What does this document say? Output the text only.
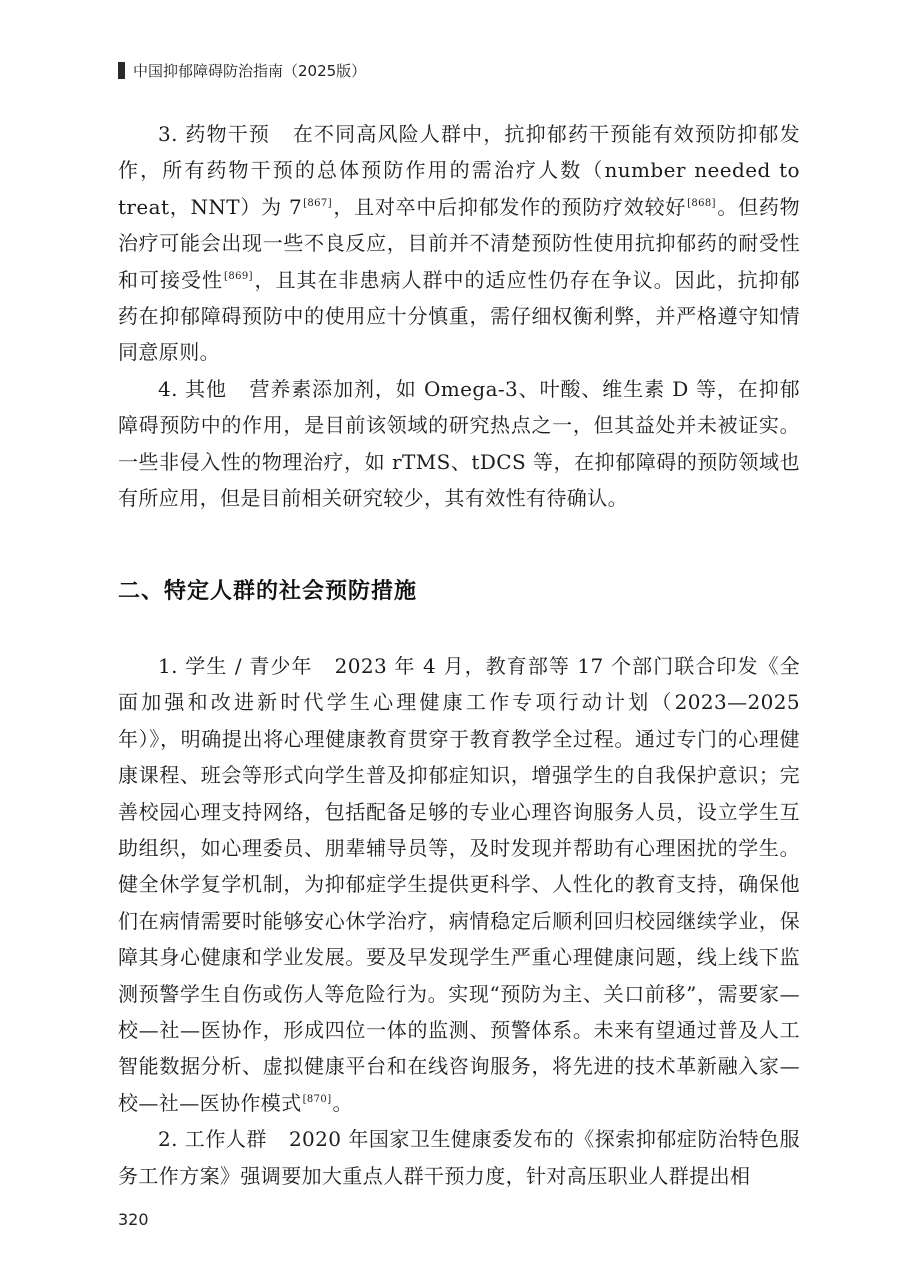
中国抑郁障碍防治指南（2025版）

3. 药物干预 在不同高风险人群中，抗抑郁药干预能有效预防抑郁发作，所有药物干预的总体预防作用的需治疗人数（number needed to treat，NNT）为 7[867]，且对卒中后抑郁发作的预防疗效较好[868]。但药物治疗可能会出现一些不良反应，目前并不清楚预防性使用抗抑郁药的耐受性和可接受性[869]，且其在非患病人群中的适应性仍存在争议。因此，抗抑郁药在抑郁障碍预防中的使用应十分慎重，需仔细权衡利弊，并严格遵守知情同意原则。

4. 其他 营养素添加剂，如 Omega-3、叶酸、维生素 D 等，在抑郁障碍预防中的作用，是目前该领域的研究热点之一，但其益处并未被证实。一些非侵入性的物理治疗，如 rTMS、tDCS 等，在抑郁障碍的预防领域也有所应用，但是目前相关研究较少，其有效性有待确认。

二、特定人群的社会预防措施

1. 学生 / 青少年 2023 年 4 月，教育部等 17 个部门联合印发《全面加强和改进新时代学生心理健康工作专项行动计划（2023—2025 年）》，明确提出将心理健康教育贯穿于教育教学全过程。通过专门的心理健康课程、班会等形式向学生普及抑郁症知识，增强学生的自我保护意识；完善校园心理支持网络，包括配备足够的专业心理咨询服务人员，设立学生互助组织，如心理委员、朋辈辅导员等，及时发现并帮助有心理困扰的学生。健全休学复学机制，为抑郁症学生提供更科学、人性化的教育支持，确保他们在病情需要时能够安心休学治疗，病情稳定后顺利回归校园继续学业，保障其身心健康和学业发展。要及早发现学生严重心理健康问题，线上线下监测预警学生自伤或伤人等危险行为。实现“预防为主、关口前移”，需要家—校—社—医协作，形成四位一体的监测、预警体系。未来有望通过普及人工智能数据分析、虚拟健康平台和在线咨询服务，将先进的技术革新融入家—校—社—医协作模式[870]。

2. 工作人群 2020 年国家卫生健康委发布的《探索抑郁症防治特色服务工作方案》强调要加大重点人群干预力度，针对高压职业人群提出相

320
